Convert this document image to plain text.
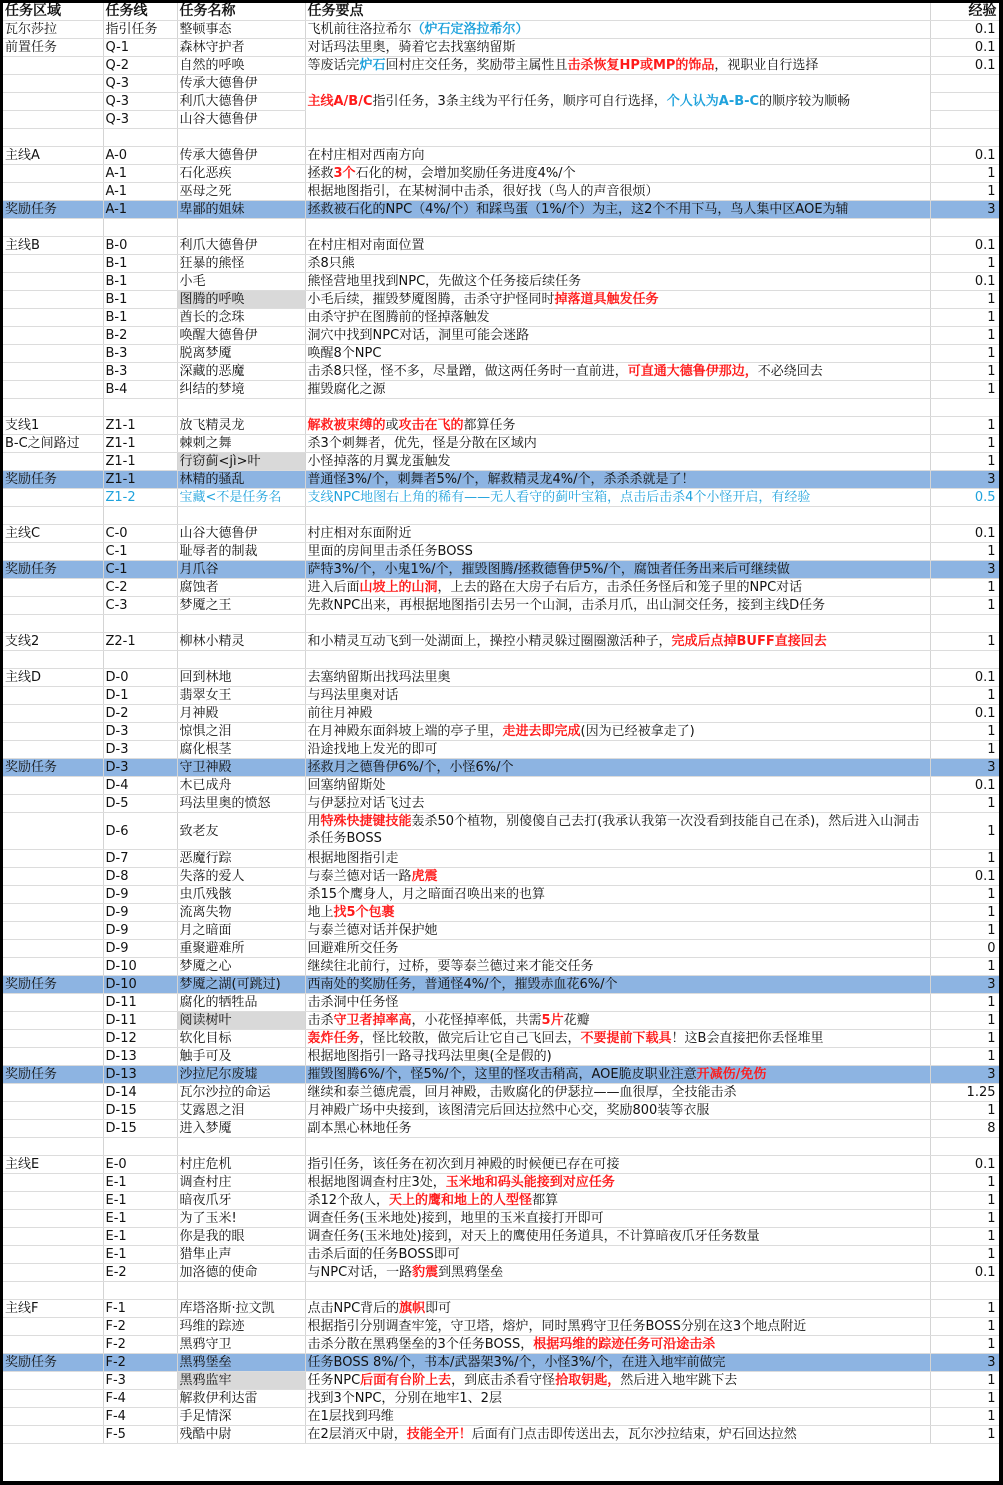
任务区域	任务线	任务名称	任务要点	经验
瓦尔莎拉	指引任务	整顿事态	飞机前往洛拉希尔（炉石定洛拉希尔）	0.1
前置任务	Q-1	森林守护者	对话玛法里奥，骑着它去找塞纳留斯	0.1
	Q-2	自然的呼唤	等废话完炉石回村庄交任务，奖励带主属性且击杀恢复HP或MP的饰品，视职业自行选择	0.1
	Q-3	传承大德鲁伊	主线A/B/C指引任务，3条主线为平行任务，顺序可自行选择，个人认为A-B-C的顺序较为顺畅	
	Q-3	利爪大德鲁伊		
	Q-3	山谷大德鲁伊		

主线A	A-0	传承大德鲁伊	在村庄相对西南方向	0.1
	A-1	石化恶疾	拯救3个石化的树，会增加奖励任务进度4%/个	1
	A-1	巫母之死	根据地图指引，在某树洞中击杀，很好找（鸟人的声音很烦）	1
奖励任务	A-1	卑鄙的姐妹	拯救被石化的NPC（4%/个）和踩鸟蛋（1%/个）为主，这2个不用下马，鸟人集中区AOE为辅	3

主线B	B-0	利爪大德鲁伊	在村庄相对南面位置	0.1
	B-1	狂暴的熊怪	杀8只熊	1
	B-1	小毛	熊怪营地里找到NPC，先做这个任务接后续任务	0.1
	B-1	图腾的呼唤	小毛后续，摧毁梦魇图腾，击杀守护怪同时掉落道具触发任务	1
	B-1	酋长的念珠	由杀守护在图腾前的怪掉落触发	1
	B-2	唤醒大德鲁伊	洞穴中找到NPC对话，洞里可能会迷路	1
	B-3	脱离梦魇	唤醒8个NPC	1
	B-3	深藏的恶魔	击杀8只怪，怪不多，尽量蹭，做这两任务时一直前进，可直通大德鲁伊那边，不必绕回去	1
	B-4	纠结的梦境	摧毁腐化之源	1

支线1	Z1-1	放飞精灵龙	解救被束缚的或攻击在飞的都算任务	1
B-C之间路过	Z1-1	棘刺之舞	杀3个刺舞者，优先，怪是分散在区域内	1
	Z1-1	行窃蓟<jì>叶	小怪掉落的月翼龙蛋触发	1
奖励任务	Z1-1	林精的骚乱	普通怪3%/个，刺舞者5%/个，解救精灵龙4%/个，杀杀杀就是了！	3
	Z1-2	宝藏<不是任务名	支线NPC地图右上角的稀有——无人看守的蓟叶宝箱，点击后击杀4个小怪开启，有经验	0.5

主线C	C-0	山谷大德鲁伊	村庄相对东面附近	0.1
	C-1	耻辱者的制裁	里面的房间里击杀任务BOSS	1
奖励任务	C-1	月爪谷	萨特3%/个，小鬼1%/个，摧毁图腾/拯救德鲁伊5%/个，腐蚀者任务出来后可继续做	3
	C-2	腐蚀者	进入后面山坡上的山洞，上去的路在大房子右后方，击杀任务怪后和笼子里的NPC对话	1
	C-3	梦魇之王	先救NPC出来，再根据地图指引去另一个山洞，击杀月爪，出山洞交任务，接到主线D任务	1

支线2	Z2-1	柳林小精灵	和小精灵互动飞到一处湖面上，操控小精灵躲过圈圈激活种子，完成后点掉BUFF直接回去	1

主线D	D-0	回到林地	去塞纳留斯出找玛法里奥	0.1
	D-1	翡翠女王	与玛法里奥对话	1
	D-2	月神殿	前往月神殿	0.1
	D-3	惊惧之泪	在月神殿东面斜坡上端的亭子里，走进去即完成(因为已经被拿走了)	1
	D-3	腐化根茎	沿途找地上发光的即可	1
奖励任务	D-3	守卫神殿	拯救月之德鲁伊6%/个，小怪6%/个	3
	D-4	木已成舟	回塞纳留斯处	0.1
	D-5	玛法里奥的愤怒	与伊瑟拉对话飞过去	1
	D-6	致老友	用特殊快捷键技能轰杀50个植物，别傻傻自己去打(我承认我第一次没看到技能自己在杀)，然后进入山洞击杀任务BOSS	1
	D-7	恶魔行踪	根据地图指引走	1
	D-8	失落的爱人	与泰兰德对话一路虎震	0.1
	D-9	虫爪残骸	杀15个鹰身人，月之暗面召唤出来的也算	1
	D-9	流离失物	地上找5个包裹	1
	D-9	月之暗面	与泰兰德对话并保护她	1
	D-9	重聚避难所	回避难所交任务	0
	D-10	梦魇之心	继续往北前行，过桥，要等泰兰德过来才能交任务	1
奖励任务	D-10	梦魇之湖(可跳过)	西南处的奖励任务，普通怪4%/个，摧毁赤血花6%/个	3
	D-11	腐化的牺牲品	击杀洞中任务怪	1
	D-11	阅读树叶	击杀守卫者掉率高，小花怪掉率低，共需5片花瓣	1
	D-12	软化目标	轰炸任务，怪比较散，做完后让它自己飞回去，不要提前下载具！这B会直接把你丢怪堆里	1
	D-13	触手可及	根据地图指引一路寻找玛法里奥(全是假的)	1
奖励任务	D-13	沙拉尼尔废墟	摧毁图腾6%/个，怪5%/个，这里的怪攻击稍高，AOE脆皮职业注意开减伤/免伤	3
	D-14	瓦尔沙拉的命运	继续和泰兰德虎震，回月神殿，击败腐化的伊瑟拉——血很厚，全技能击杀	1.25
	D-15	艾露恩之泪	月神殿广场中央接到，该图清完后回达拉然中心交，奖励800装等衣服	1
	D-15	进入梦魇	副本黑心林地任务	8

主线E	E-0	村庄危机	指引任务，该任务在初次到月神殿的时候便已存在可接	0.1
	E-1	调查村庄	根据地图调查村庄3处，玉米地和码头能接到对应任务	1
	E-1	暗夜爪牙	杀12个敌人，天上的鹰和地上的人型怪都算	1
	E-1	为了玉米!	调查任务(玉米地处)接到，地里的玉米直接打开即可	1
	E-1	你是我的眼	调查任务(玉米地处)接到，对天上的鹰使用任务道具，不计算暗夜爪牙任务数量	1
	E-1	猎隼止声	击杀后面的任务BOSS即可	1
	E-2	加洛德的使命	与NPC对话，一路豹震到黑鸦堡垒	0.1

主线F	F-1	库塔洛斯·拉文凯	点击NPC背后的旗帜即可	1
	F-2	玛维的踪迹	根据指引分别调查牢笼，守卫塔，熔炉，同时黑鸦守卫任务BOSS分别在这3个地点附近	1
	F-2	黑鸦守卫	击杀分散在黑鸦堡垒的3个任务BOSS，根据玛维的踪迹任务可沿途击杀	1
奖励任务	F-2	黑鸦堡垒	任务BOSS 8%/个，书本/武器架3%/个，小怪3%/个，在进入地牢前做完	3
	F-3	黑鸦监牢	任务NPC后面有台阶上去，到底击杀看守怪拾取钥匙，然后进入地牢跳下去	1
	F-4	解救伊利达雷	找到3个NPC，分别在地牢1、2层	1
	F-4	手足情深	在1层找到玛维	1
	F-5	残酷中尉	在2层消灭中尉，技能全开！后面有门点击即传送出去，瓦尔沙拉结束，炉石回达拉然	1
